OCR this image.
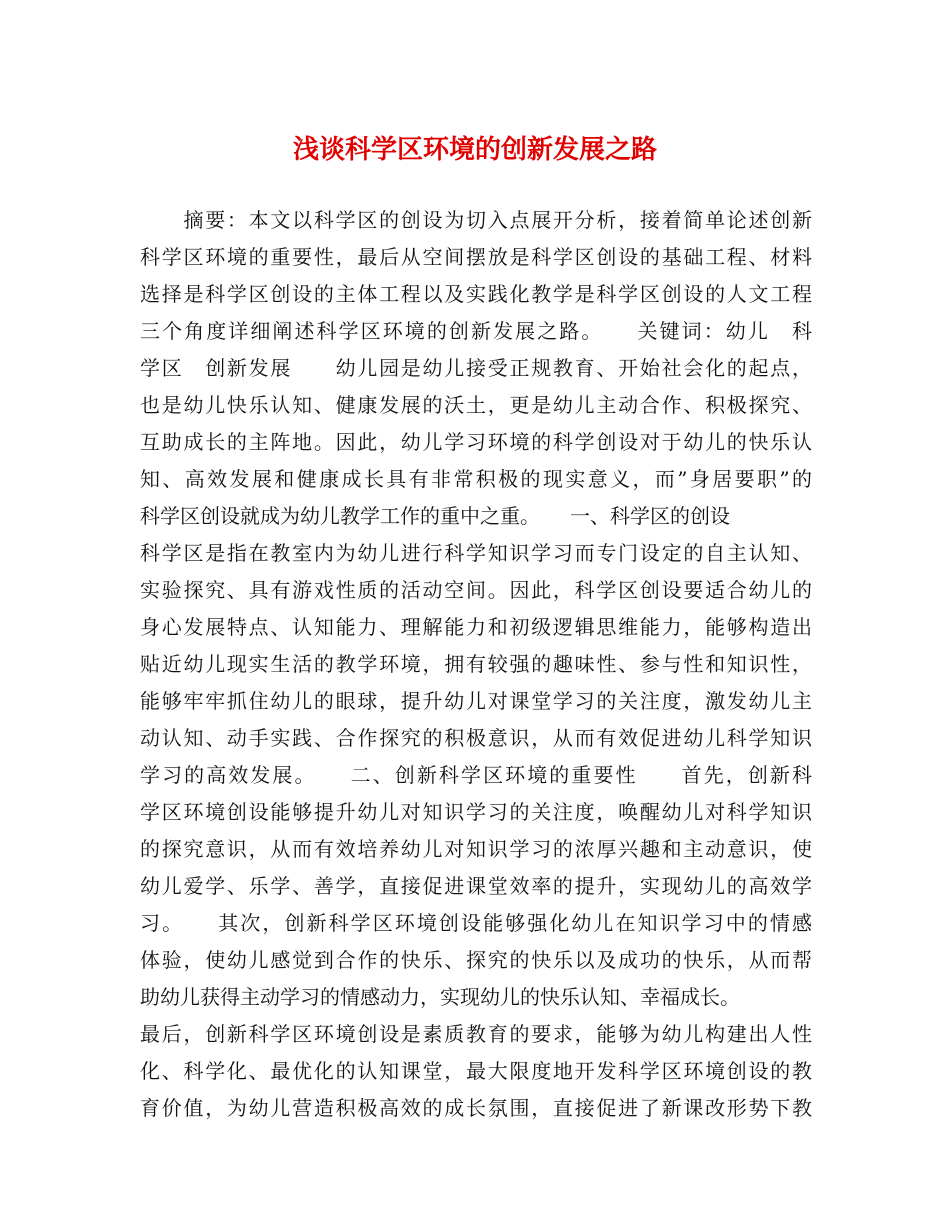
浅谈科学区环境的创新发展之路
　　摘要：本文以科学区的创设为切入点展开分析，接着简单论述创新
科学区环境的重要性，最后从空间摆放是科学区创设的基础工程、材料
选择是科学区创设的主体工程以及实践化教学是科学区创设的人文工程
三个角度详细阐述科学区环境的创新发展之路。　　关键词：幼儿　科
学区　创新发展　　幼儿园是幼儿接受正规教育、开始社会化的起点，
也是幼儿快乐认知、健康发展的沃土，更是幼儿主动合作、积极探究、
互助成长的主阵地。因此，幼儿学习环境的科学创设对于幼儿的快乐认
知、高效发展和健康成长具有非常积极的现实意义，而”身居要职”的
科学区创设就成为幼儿教学工作的重中之重。　　一、科学区的创设
科学区是指在教室内为幼儿进行科学知识学习而专门设定的自主认知、
实验探究、具有游戏性质的活动空间。因此，科学区创设要适合幼儿的
身心发展特点、认知能力、理解能力和初级逻辑思维能力，能够构造出
贴近幼儿现实生活的教学环境，拥有较强的趣味性、参与性和知识性，
能够牢牢抓住幼儿的眼球，提升幼儿对课堂学习的关注度，激发幼儿主
动认知、动手实践、合作探究的积极意识，从而有效促进幼儿科学知识
学习的高效发展。　　二、创新科学区环境的重要性　　首先，创新科
学区环境创设能够提升幼儿对知识学习的关注度，唤醒幼儿对科学知识
的探究意识，从而有效培养幼儿对知识学习的浓厚兴趣和主动意识，使
幼儿爱学、乐学、善学，直接促进课堂效率的提升，实现幼儿的高效学
习。　　其次，创新科学区环境创设能够强化幼儿在知识学习中的情感
体验，使幼儿感觉到合作的快乐、探究的快乐以及成功的快乐，从而帮
助幼儿获得主动学习的情感动力，实现幼儿的快乐认知、幸福成长。
最后，创新科学区环境创设是素质教育的要求，能够为幼儿构建出人性
化、科学化、最优化的认知课堂，最大限度地开发科学区环境创设的教
育价值，为幼儿营造积极高效的成长氛围，直接促进了新课改形势下教
